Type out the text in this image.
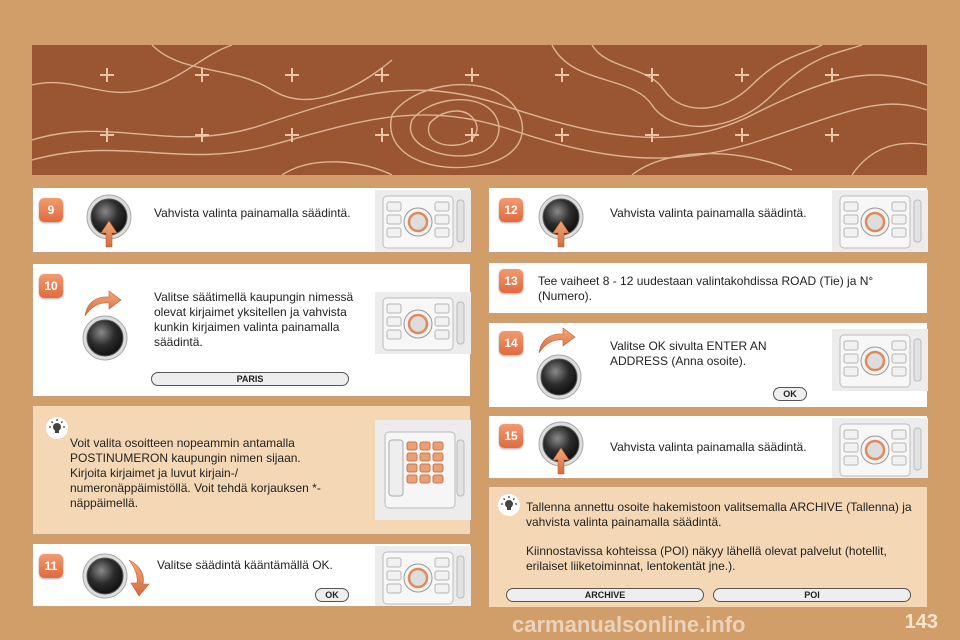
9	Vahvista valinta painamalla säädintä.
10
Valitse säätimellä kaupungin nimessä olevat kirjaimet yksitellen ja vahvista kunkin kirjaimen valinta painamalla säädintä.
PARIS
Voit valita osoitteen nopeammin antamalla POSTINUMERON kaupungin nimen sijaan. Kirjoita kirjaimet ja luvut kirjain-/ numeronäppäimistöllä. Voit tehdä korjauksen *-näppäimellä.
11	Valitse säädintä kääntämällä OK.
OK
12	Vahvista valinta painamalla säädintä.
13	Tee vaiheet 8 - 12 uudestaan valintakohdissa ROAD (Tie) ja N° (Numero).
14	Valitse OK sivulta ENTER AN ADDRESS (Anna osoite).
OK
15
Vahvista valinta painamalla säädintä.
Tallenna annettu osoite hakemistoon valitsemalla ARCHIVE (Tallenna) ja vahvista valinta painamalla säädintä.
Kiinnostavissa kohteissa (POI) näkyy lähellä olevat palvelut (hotellit, erilaiset liiketoiminnat, lentokentät jne.).
ARCHIVE	POI
carmanualsonline.info	143
